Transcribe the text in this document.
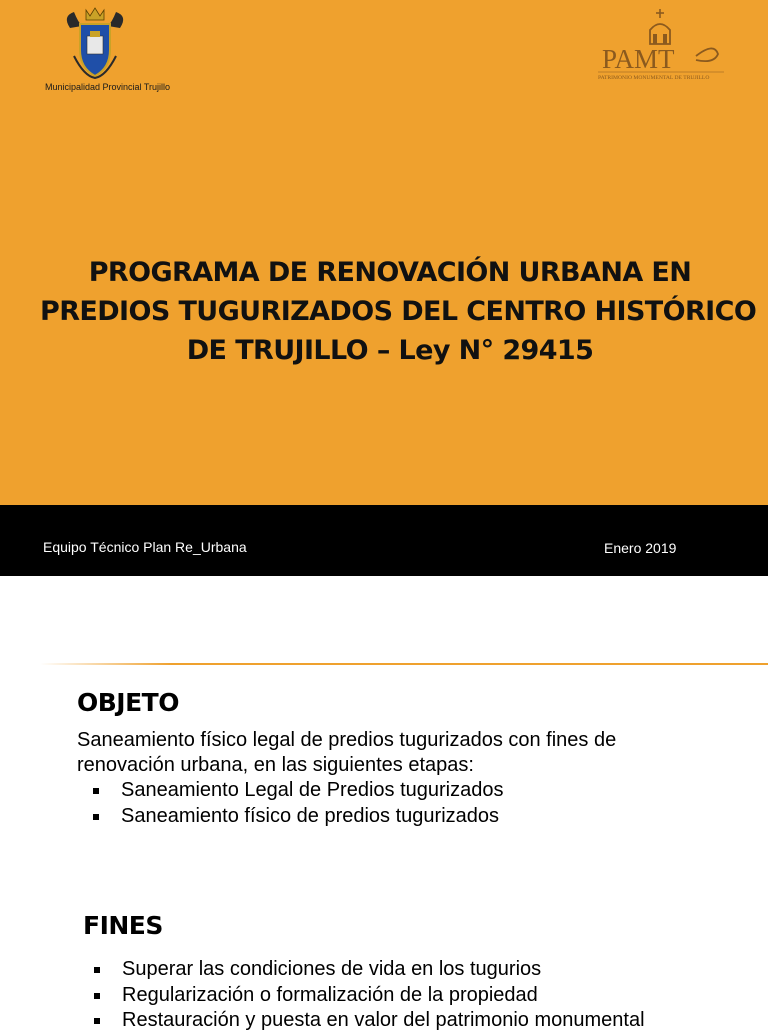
Municipalidad Provincial Trujillo
PAMT
PATRIMONIO MONUMENTAL DE TRUJILLO
PROGRAMA DE RENOVACIÓN URBANA EN
PREDIOS TUGURIZADOS DEL CENTRO HISTÓRICO
DE TRUJILLO – Ley N° 29415
Equipo Técnico Plan Re_Urbana	Enero 2019
OBJETO
Saneamiento físico legal de predios tugurizados con fines de renovación urbana, en las siguientes etapas:
Saneamiento Legal de Predios tugurizados
Saneamiento físico de predios tugurizados
FINES
Superar las condiciones de vida en los tugurios
Regularización o formalización de la propiedad
Restauración y puesta en valor del patrimonio monumental
